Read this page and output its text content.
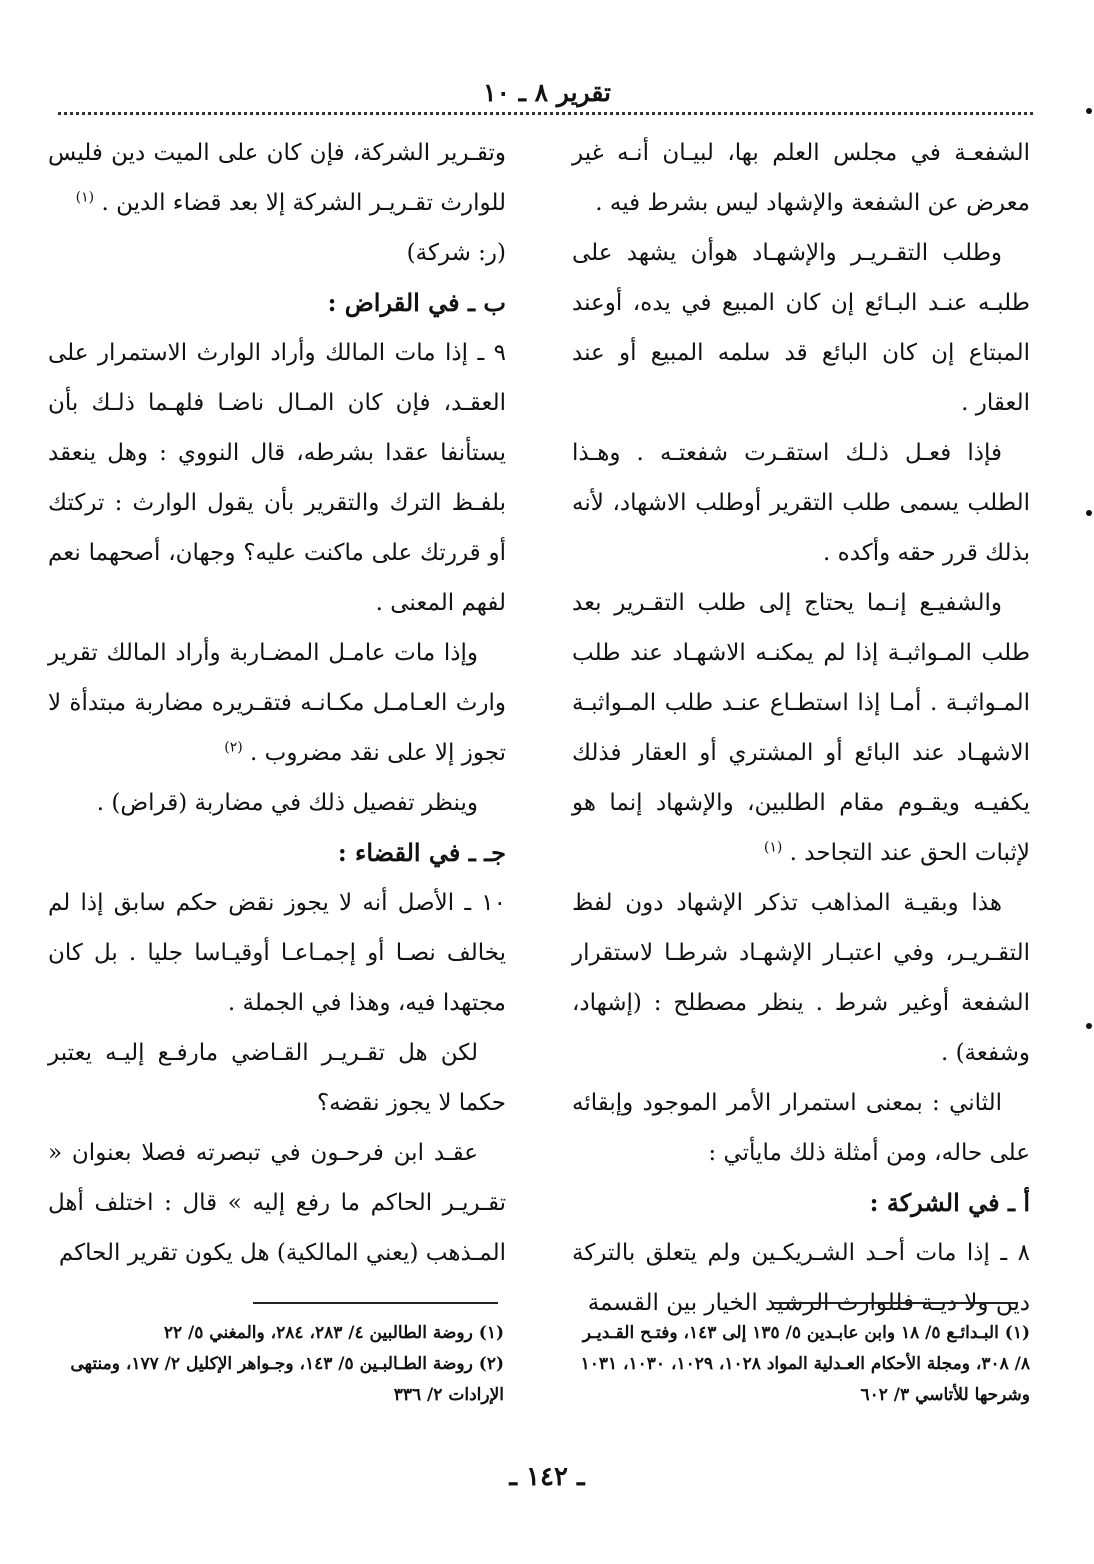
تقرير ٨ ـ ١٠

الشفعـة في مجلس العلم بها، لبيـان أنـه غير معرض عن الشفعة والإشهاد ليس بشرط فيه .

وطلب التقـريـر والإشهـاد هوأن يشهد على طلبـه عنـد البـائع إن كان المبيع في يده، أوعند المبتاع إن كان البائع قد سلمه المبيع أو عند العقار .

فإذا فعـل ذلـك استقـرت شفعتـه . وهـذا الطلب يسمى طلب التقرير أوطلب الاشهاد، لأنه بذلك قرر حقه وأكده .

والشفيـع إنـما يحتاج إلى طلب التقـرير بعد طلب المـواثبـة إذا لم يمكنـه الاشهـاد عند طلب المـواثبـة . أمـا إذا استطـاع عنـد طلب المـواثبـة الاشهـاد عند البائع أو المشتري أو العقار فذلك يكفيـه ويقـوم مقام الطلبين، والإشهاد إنما هو لإثبات الحق عند التجاحد . $^{(١)}$

هذا وبقيـة المذاهب تذكر الإشهاد دون لفظ التقـريـر، وفي اعتبـار الإشهـاد شرطـا لاستقرار الشفعة أوغير شرط . ينظر مصطلح : (إشهاد، وشفعة) .

الثاني : بمعنى استمرار الأمر الموجود وإبقائه على حاله، ومن أمثلة ذلك مايأتي :

أ ـ في الشركة :

٨ ـ إذا مات أحـد الشـريكـين ولم يتعلق بالتركة دين ولا ديـة فللوارث الرشيد الخيار بين القسمة

وتقـرير الشركة، فإن كان على الميت دين فليس للوارث تقـريـر الشركة إلا بعد قضاء الدين . $^{(١)}$

(ر: شركة)

ب ـ في القراض :

٩ ـ إذا مات المالك وأراد الوارث الاستمرار على العقـد، فإن كان المـال ناضـا فلهـما ذلـك بأن يستأنفا عقدا بشرطه، قال النووي : وهل ينعقد بلفـظ الترك والتقرير بأن يقول الوارث : تركتك أو قررتك على ماكنت عليه؟ وجهان، أصحهما نعم لفهم المعنى .

وإذا مات عامـل المضـاربة وأراد المالك تقرير وارث العـامـل مكـانـه فتقـريره مضاربة مبتدأة لا تجوز إلا على نقد مضروب . $^{(٢)}$

وينظر تفصيل ذلك في مضاربة (قراض) .

جـ ـ في القضاء :

١٠ ـ الأصل أنه لا يجوز نقض حكم سابق إذا لم يخالف نصـا أو إجمـاعـا أوقيـاسا جليا . بل كان مجتهدا فيه، وهذا في الجملة .

لكن هل تقـريـر القـاضي مارفـع إليـه يعتبر حكما لا يجوز نقضه؟

عقـد ابن فرحـون في تبصرته فصلا بعنوان « تقـريـر الحاكم ما رفع إليه » قال : اختلف أهل المـذهب (يعني المالكية) هل يكون تقرير الحاكم

(١) البـدائـع ٥/ ١٨ وابن عابـدين ٥/ ١٣٥ إلى ١٤٣، وفتـح القـديـر ٨/ ٣٠٨، ومجلة الأحكام العـدلية المواد ١٠٢٨، ١٠٢٩، ١٠٣٠، ١٠٣١ وشرحها للأتاسي ٣/ ٦٠٢

(١) روضة الطالبين ٤/ ٢٨٣، ٢٨٤، والمغني ٥/ ٢٢

(٢) روضة الطـالبـين ٥/ ١٤٣، وجـواهر الإكليل ٢/ ١٧٧، ومنتهى الإرادات ٢/ ٣٣٦

ـ ١٤٢ ـ
